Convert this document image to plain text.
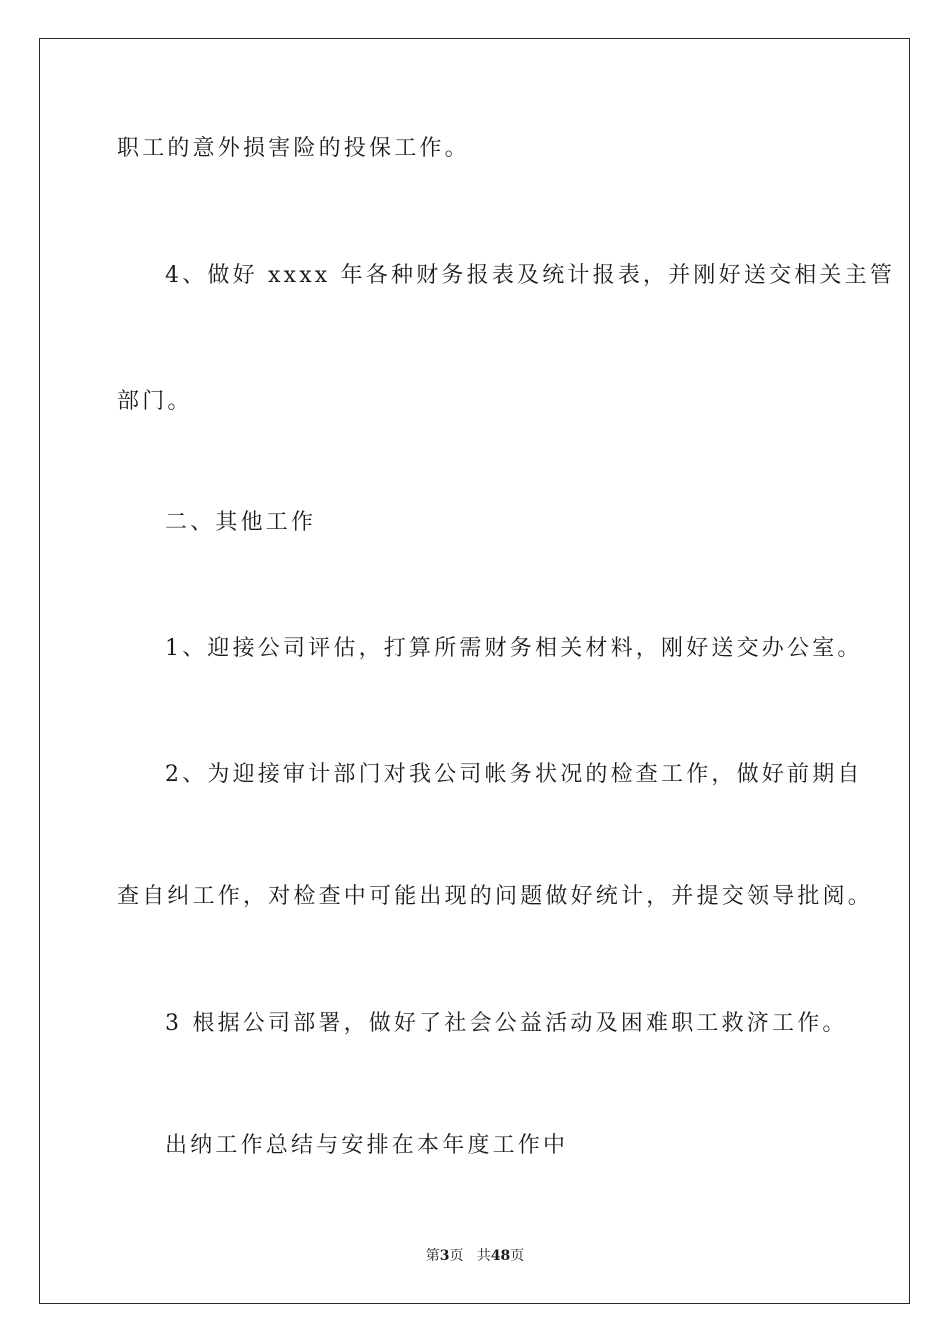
职工的意外损害险的投保工作。
4、做好 xxxx 年各种财务报表及统计报表，并刚好送交相关主管
部门。
二、其他工作
1、迎接公司评估，打算所需财务相关材料，刚好送交办公室。
2、为迎接审计部门对我公司帐务状况的检查工作，做好前期自
查自纠工作，对检查中可能出现的问题做好统计，并提交领导批阅。
3 根据公司部署，做好了社会公益活动及困难职工救济工作。
出纳工作总结与安排在本年度工作中
第3页 共48页
